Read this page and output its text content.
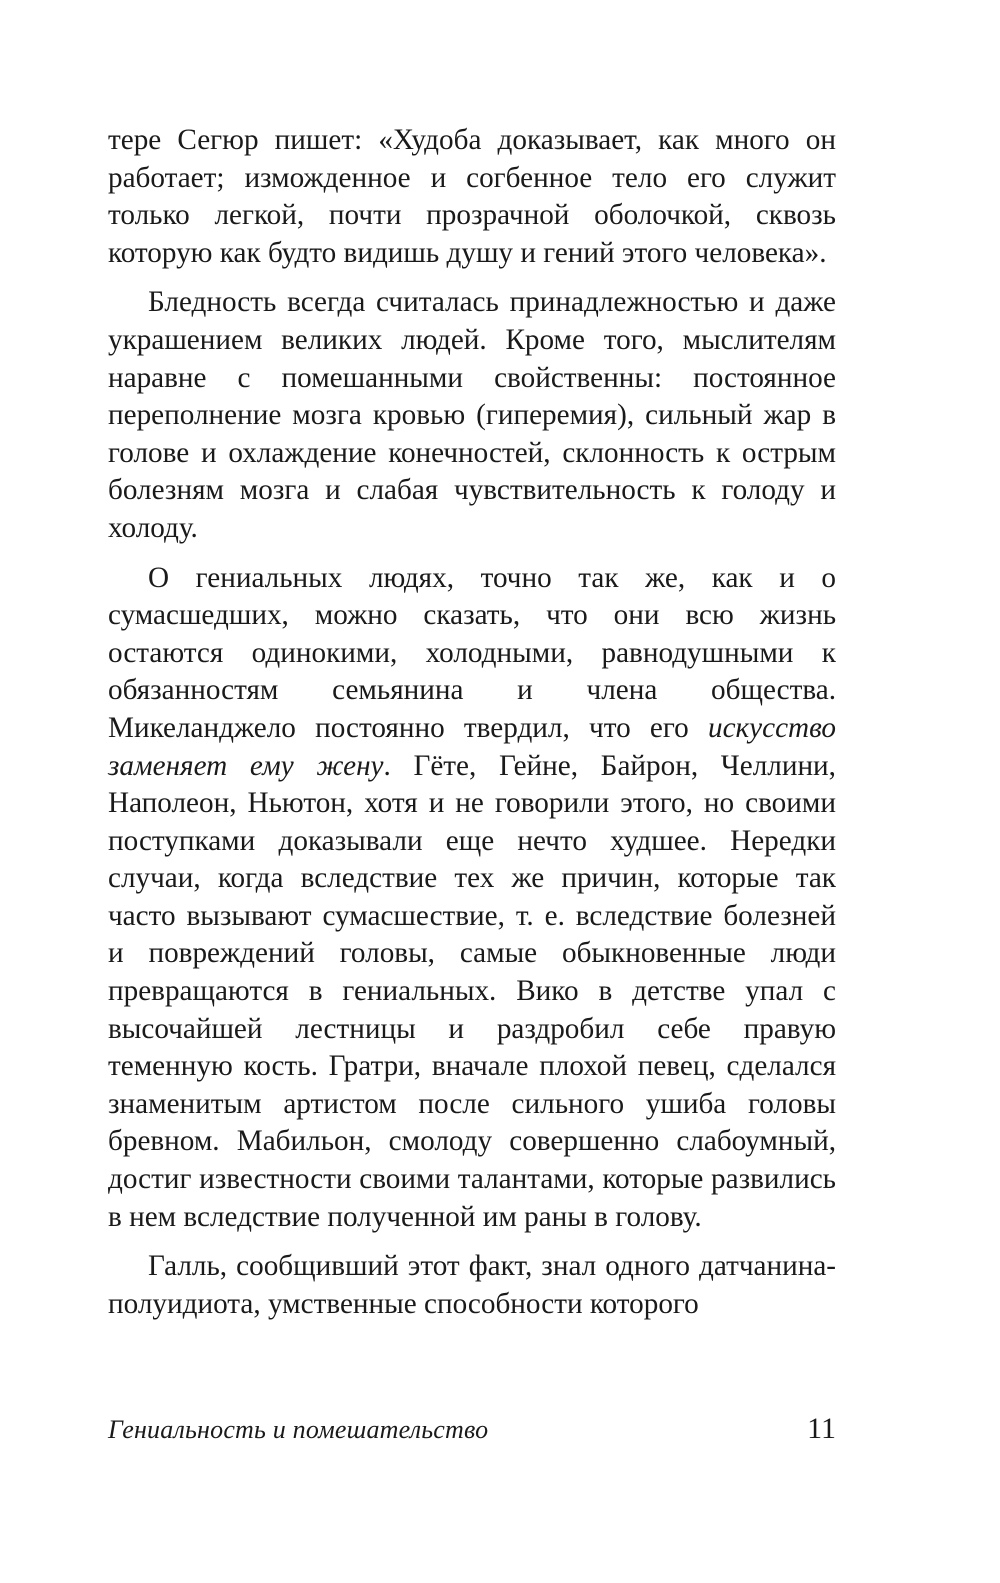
тере Сегюр пишет: «Худоба доказывает, как много он работает; изможденное и согбенное тело его служит только легкой, почти прозрачной оболочкой, сквозь которую как будто видишь душу и гений этого человека».

Бледность всегда считалась принадлежностью и даже украшением великих людей. Кроме того, мыслителям наравне с помешанными свойственны: постоянное переполнение мозга кровью (гиперемия), сильный жар в голове и охлаждение конечностей, склонность к острым болезням мозга и слабая чувствительность к голоду и холоду.

О гениальных людях, точно так же, как и о сумасшедших, можно сказать, что они всю жизнь остаются одинокими, холодными, равнодушными к обязанностям семьянина и члена общества. Микеланджело постоянно твердил, что его искусство заменяет ему жену. Гёте, Гейне, Байрон, Челлини, Наполеон, Ньютон, хотя и не говорили этого, но своими поступками доказывали еще нечто худшее. Нередки случаи, когда вследствие тех же причин, которые так часто вызывают сумасшествие, т. е. вследствие болезней и повреждений головы, самые обыкновенные люди превращаются в гениальных. Вико в детстве упал с высочайшей лестницы и раздробил себе правую теменную кость. Гратри, вначале плохой певец, сделался знаменитым артистом после сильного ушиба головы бревном. Мабильон, смолоду совершенно слабоумный, достиг известности своими талантами, которые развились в нем вследствие полученной им раны в голову.

Галль, сообщивший этот факт, знал одного датчанина-полуидиота, умственные способности которого

Гениальность и помешательство	11
